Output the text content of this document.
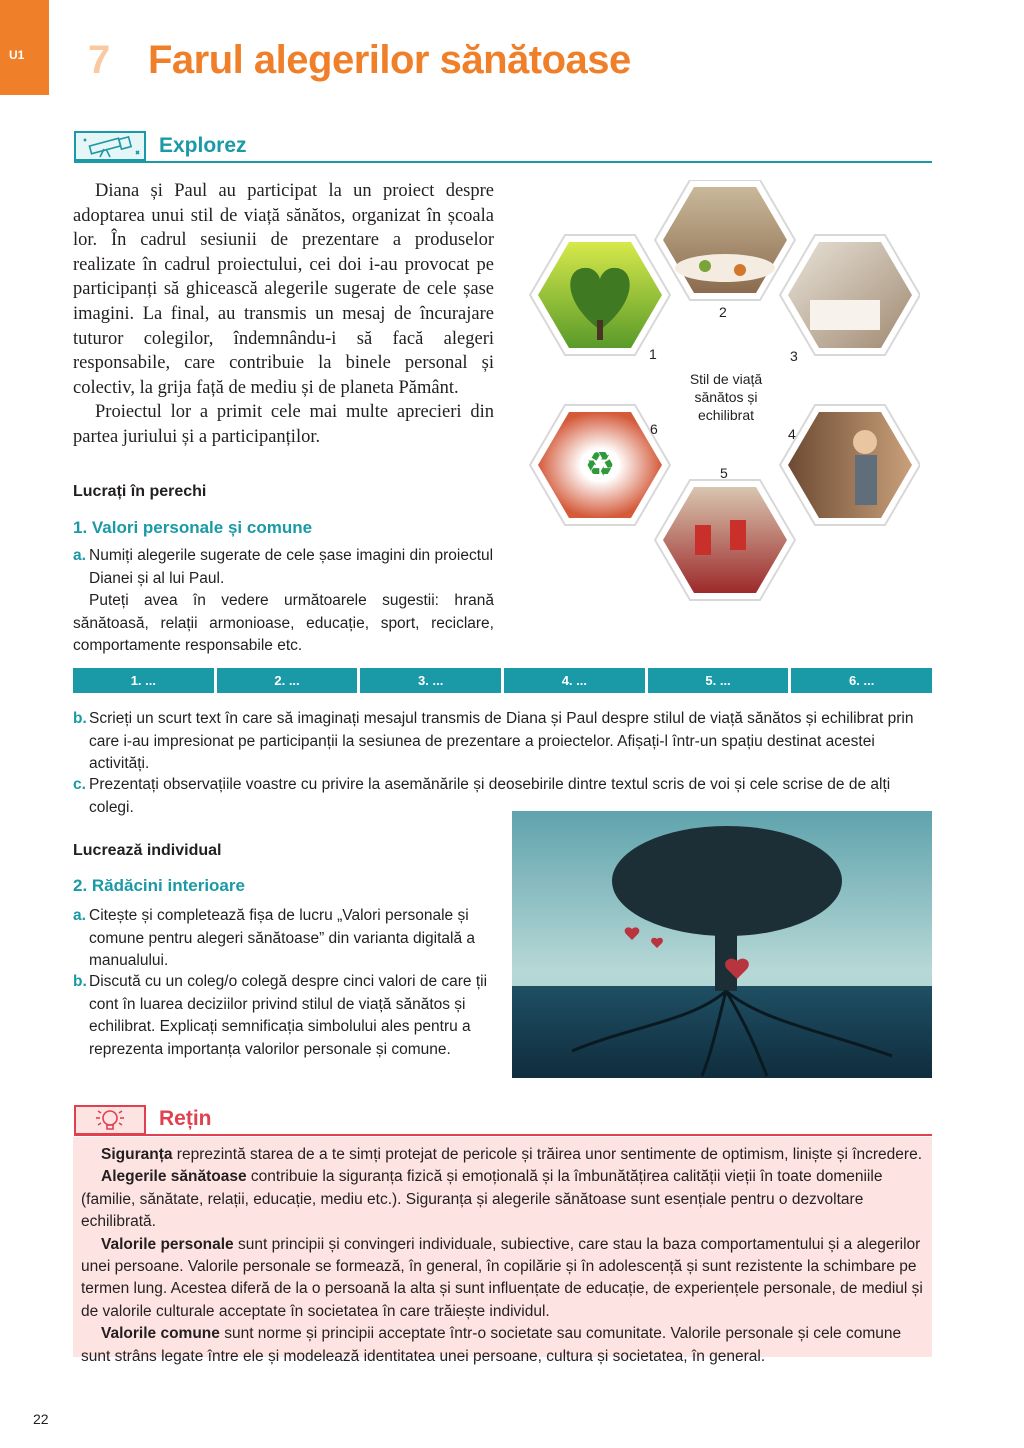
U1 7 Farul alegerilor sănătoase
Explorez

Diana și Paul au participat la un proiect despre adoptarea unui stil de viață sănătos, organizat în școala lor. În cadrul sesiunii de prezentare a produselor realizate în cadrul proiectului, cei doi i-au provocat pe participanți să ghicească alegerile sugerate de cele șase imagini. La final, au transmis un mesaj de încurajare tuturor colegilor, îndemnându-i să facă alegeri responsabile, care contribuie la binele personal și colectiv, la grija față de mediu și de planeta Pământ.

Proiectul lor a primit cele mai multe aprecieri din partea juriului și a participanților.

♻
1
2
3
4
5
6
Stil de viață sănătos și echilibrat
Lucrați în perechi
1. Valori personale și comune

a. Numiți alegerile sugerate de cele șase imagini din proiectul Dianei și al lui Paul.

Puteți avea în vedere următoarele sugestii: hrană sănătoasă, relații armonioase, educație, sport, reciclare, comportamente responsabile etc.

1. ...	2. ...	3. ...	4. ...	5. ...	6. ...

b. Scrieți un scurt text în care să imaginați mesajul transmis de Diana și Paul despre stilul de viață sănătos și echilibrat prin care i-au impresionat pe participanții la sesiunea de prezentare a proiectelor. Afișați-l într-un spațiu destinat acestei activități.

c. Prezentați observațiile voastre cu privire la asemănările și deosebirile dintre textul scris de voi și cele scrise de de alți colegi.

Lucrează individual
2. Rădăcini interioare

a. Citește și completează fișa de lucru „Valori personale și comune pentru alegeri sănătoase” din varianta digitală a manualului.

b. Discută cu un coleg/o colegă despre cinci valori de care ții cont în luarea deciziilor privind stilul de viață sănătos și echilibrat. Explicați semnificația simbolului ales pentru a reprezenta importanța valorilor personale și comune.

Rețin

Siguranța reprezintă starea de a te simți protejat de pericole și trăirea unor sentimente de optimism, liniște și încredere.

Alegerile sănătoase contribuie la siguranța fizică și emoțională și la îmbunătățirea calității vieții în toate domeniile (familie, sănătate, relații, educație, mediu etc.). Siguranța și alegerile sănătoase sunt esențiale pentru o dezvoltare echilibrată.

Valorile personale sunt principii și convingeri individuale, subiective, care stau la baza comportamentului și a alegerilor unei persoane. Valorile personale se formează, în general, în copilărie și în adolescență și sunt rezistente la schimbare pe termen lung. Acestea diferă de la o persoană la alta și sunt influențate de educație, de experiențele personale, de mediul și de valorile culturale acceptate în societatea în care trăiește individul.

Valorile comune sunt norme și principii acceptate într-o societate sau comunitate. Valorile personale și cele comune sunt strâns legate între ele și modelează identitatea unei persoane, cultura și societatea, în general.

22
